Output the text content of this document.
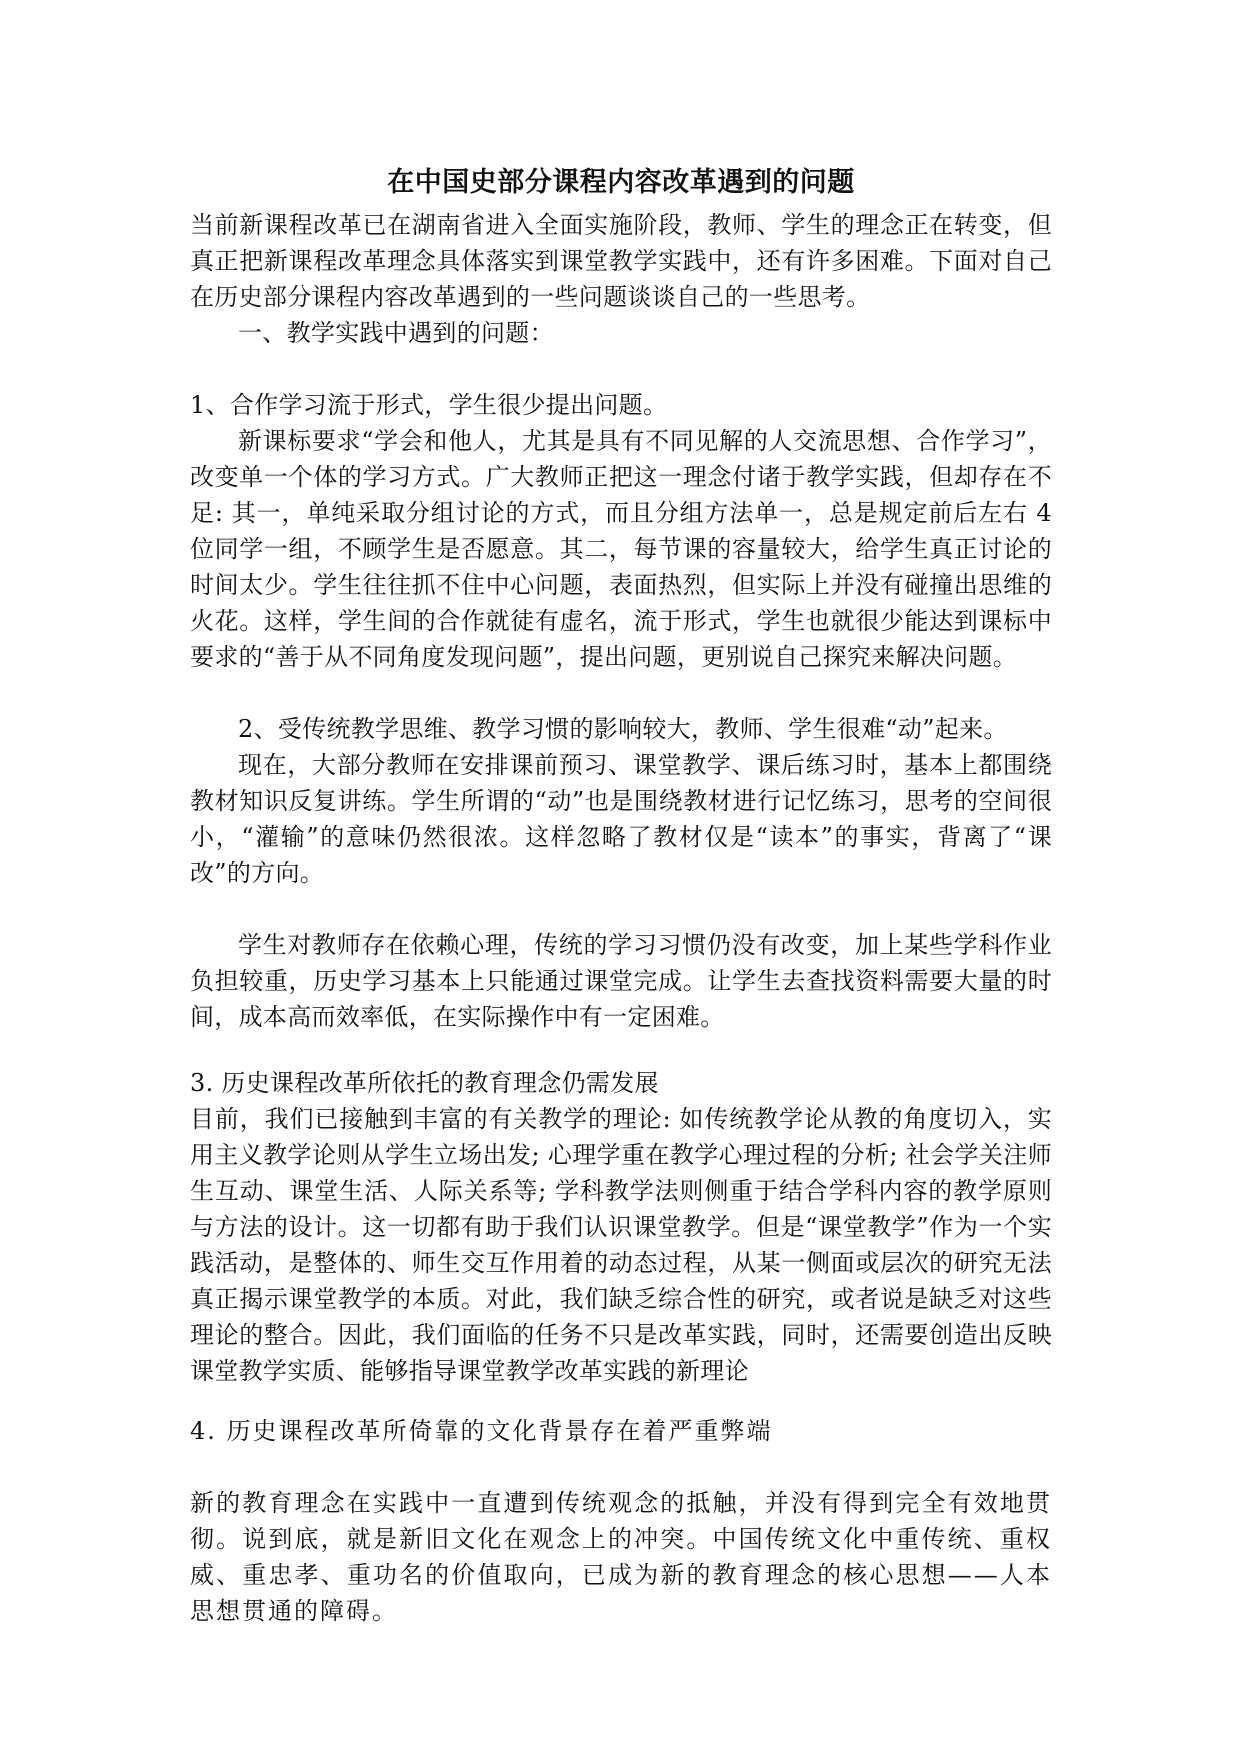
在中国史部分课程内容改革遇到的问题

当前新课程改革已在湖南省进入全面实施阶段，教师、学生的理念正在转变，但真正把新课程改革理念具体落实到课堂教学实践中，还有许多困难。下面对自己在历史部分课程内容改革遇到的一些问题谈谈自己的一些思考。

一、教学实践中遇到的问题：

1、合作学习流于形式，学生很少提出问题。

新课标要求“学会和他人，尤其是具有不同见解的人交流思想、合作学习”，改变单一个体的学习方式。广大教师正把这一理念付诸于教学实践，但却存在不足: 其一，单纯采取分组讨论的方式，而且分组方法单一，总是规定前后左右 4 位同学一组，不顾学生是否愿意。其二，每节课的容量较大，给学生真正讨论的时间太少。学生往往抓不住中心问题，表面热烈，但实际上并没有碰撞出思维的火花。这样，学生间的合作就徒有虚名，流于形式，学生也就很少能达到课标中要求的“善于从不同角度发现问题”，提出问题，更别说自己探究来解决问题。

2、受传统教学思维、教学习惯的影响较大，教师、学生很难“动”起来。

现在，大部分教师在安排课前预习、课堂教学、课后练习时，基本上都围绕教材知识反复讲练。学生所谓的“动”也是围绕教材进行记忆练习，思考的空间很小，“灌输”的意味仍然很浓。这样忽略了教材仅是“读本”的事实，背离了“课改”的方向。

学生对教师存在依赖心理，传统的学习习惯仍没有改变，加上某些学科作业负担较重，历史学习基本上只能通过课堂完成。让学生去查找资料需要大量的时间，成本高而效率低，在实际操作中有一定困难。

3. 历史课程改革所依托的教育理念仍需发展

目前，我们已接触到丰富的有关教学的理论: 如传统教学论从教的角度切入，实用主义教学论则从学生立场出发; 心理学重在教学心理过程的分析; 社会学关注师生互动、课堂生活、人际关系等; 学科教学法则侧重于结合学科内容的教学原则与方法的设计。这一切都有助于我们认识课堂教学。但是“课堂教学”作为一个实践活动，是整体的、师生交互作用着的动态过程，从某一侧面或层次的研究无法真正揭示课堂教学的本质。对此，我们缺乏综合性的研究，或者说是缺乏对这些理论的整合。因此，我们面临的任务不只是改革实践，同时，还需要创造出反映课堂教学实质、能够指导课堂教学改革实践的新理论

4. 历史课程改革所倚靠的文化背景存在着严重弊端

新的教育理念在实践中一直遭到传统观念的抵触，并没有得到完全有效地贯彻。说到底，就是新旧文化在观念上的冲突。中国传统文化中重传统、重权威、重忠孝、重功名的价值取向，已成为新的教育理念的核心思想——人本思想贯通的障碍。
